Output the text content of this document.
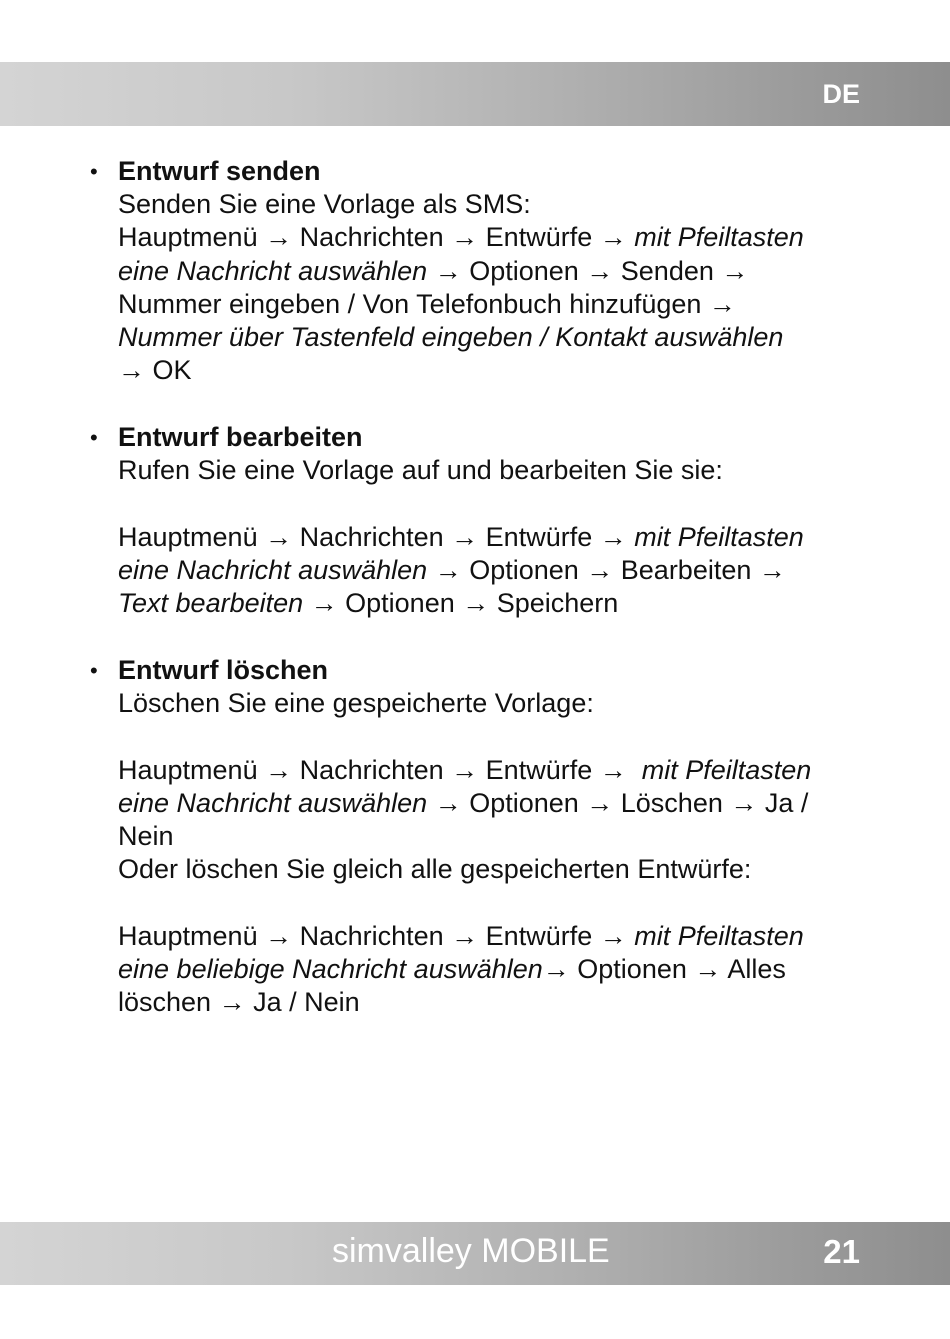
DE
• Entwurf senden
Senden Sie eine Vorlage als SMS:
Hauptmenü → Nachrichten → Entwürfe → mit Pfeiltasten
eine Nachricht auswählen → Optionen → Senden →
Nummer eingeben / Von Telefonbuch hinzufügen →
Nummer über Tastenfeld eingeben / Kontakt auswählen
→ OK
• Entwurf bearbeiten
Rufen Sie eine Vorlage auf und bearbeiten Sie sie:
Hauptmenü → Nachrichten → Entwürfe → mit Pfeiltasten
eine Nachricht auswählen → Optionen → Bearbeiten →
Text bearbeiten → Optionen → Speichern
• Entwurf löschen
Löschen Sie eine gespeicherte Vorlage:
Hauptmenü → Nachrichten → Entwürfe →  mit Pfeiltasten
eine Nachricht auswählen → Optionen → Löschen → Ja /
Nein
Oder löschen Sie gleich alle gespeicherten Entwürfe:
Hauptmenü → Nachrichten → Entwürfe → mit Pfeiltasten
eine beliebige Nachricht auswählen→ Optionen → Alles
löschen → Ja / Nein
simvalley MOBILE	21
